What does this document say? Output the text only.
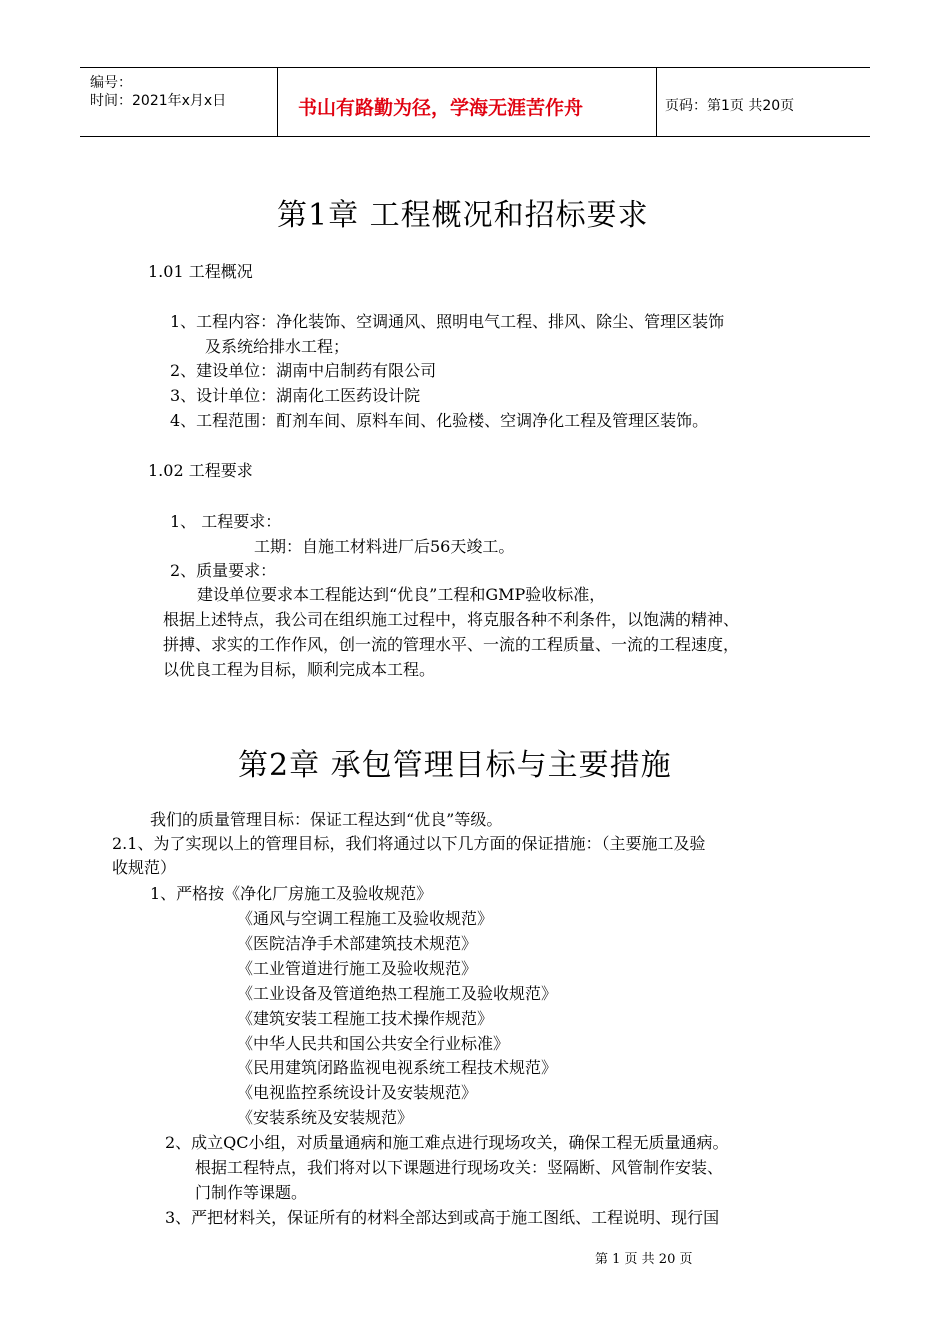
编号：
时间：2021年x月x日	书山有路勤为径，学海无涯苦作舟	页码：第1页 共20页
第1章 工程概况和招标要求
1.01 工程概况
1、工程内容：净化装饰、空调通风、照明电气工程、排风、除尘、管理区装饰
及系统给排水工程；
2、建设单位：湖南中启制药有限公司
3、设计单位：湖南化工医药设计院
4、工程范围：酊剂车间、原料车间、化验楼、空调净化工程及管理区装饰。
1.02 工程要求
1、 工程要求：
工期：自施工材料进厂后56天竣工。
2、质量要求：
建设单位要求本工程能达到“优良”工程和GMP验收标准，
根据上述特点，我公司在组织施工过程中，将克服各种不利条件，以饱满的精神、
拼搏、求实的工作作风，创一流的管理水平、一流的工程质量、一流的工程速度，
以优良工程为目标，顺利完成本工程。
第2章 承包管理目标与主要措施
我们的质量管理目标：保证工程达到“优良”等级。
2.1、为了实现以上的管理目标，我们将通过以下几方面的保证措施：（主要施工及验
收规范）
1、严格按《净化厂房施工及验收规范》
《通风与空调工程施工及验收规范》
《医院洁净手术部建筑技术规范》
《工业管道进行施工及验收规范》
《工业设备及管道绝热工程施工及验收规范》
《建筑安装工程施工技术操作规范》
《中华人民共和国公共安全行业标准》
《民用建筑闭路监视电视系统工程技术规范》
《电视监控系统设计及安装规范》
《安装系统及安装规范》
2、成立QC小组，对质量通病和施工难点进行现场攻关，确保工程无质量通病。
根据工程特点，我们将对以下课题进行现场攻关：竖隔断、风管制作安装、
门制作等课题。
3、严把材料关，保证所有的材料全部达到或高于施工图纸、工程说明、现行国
第 1 页 共 20 页
